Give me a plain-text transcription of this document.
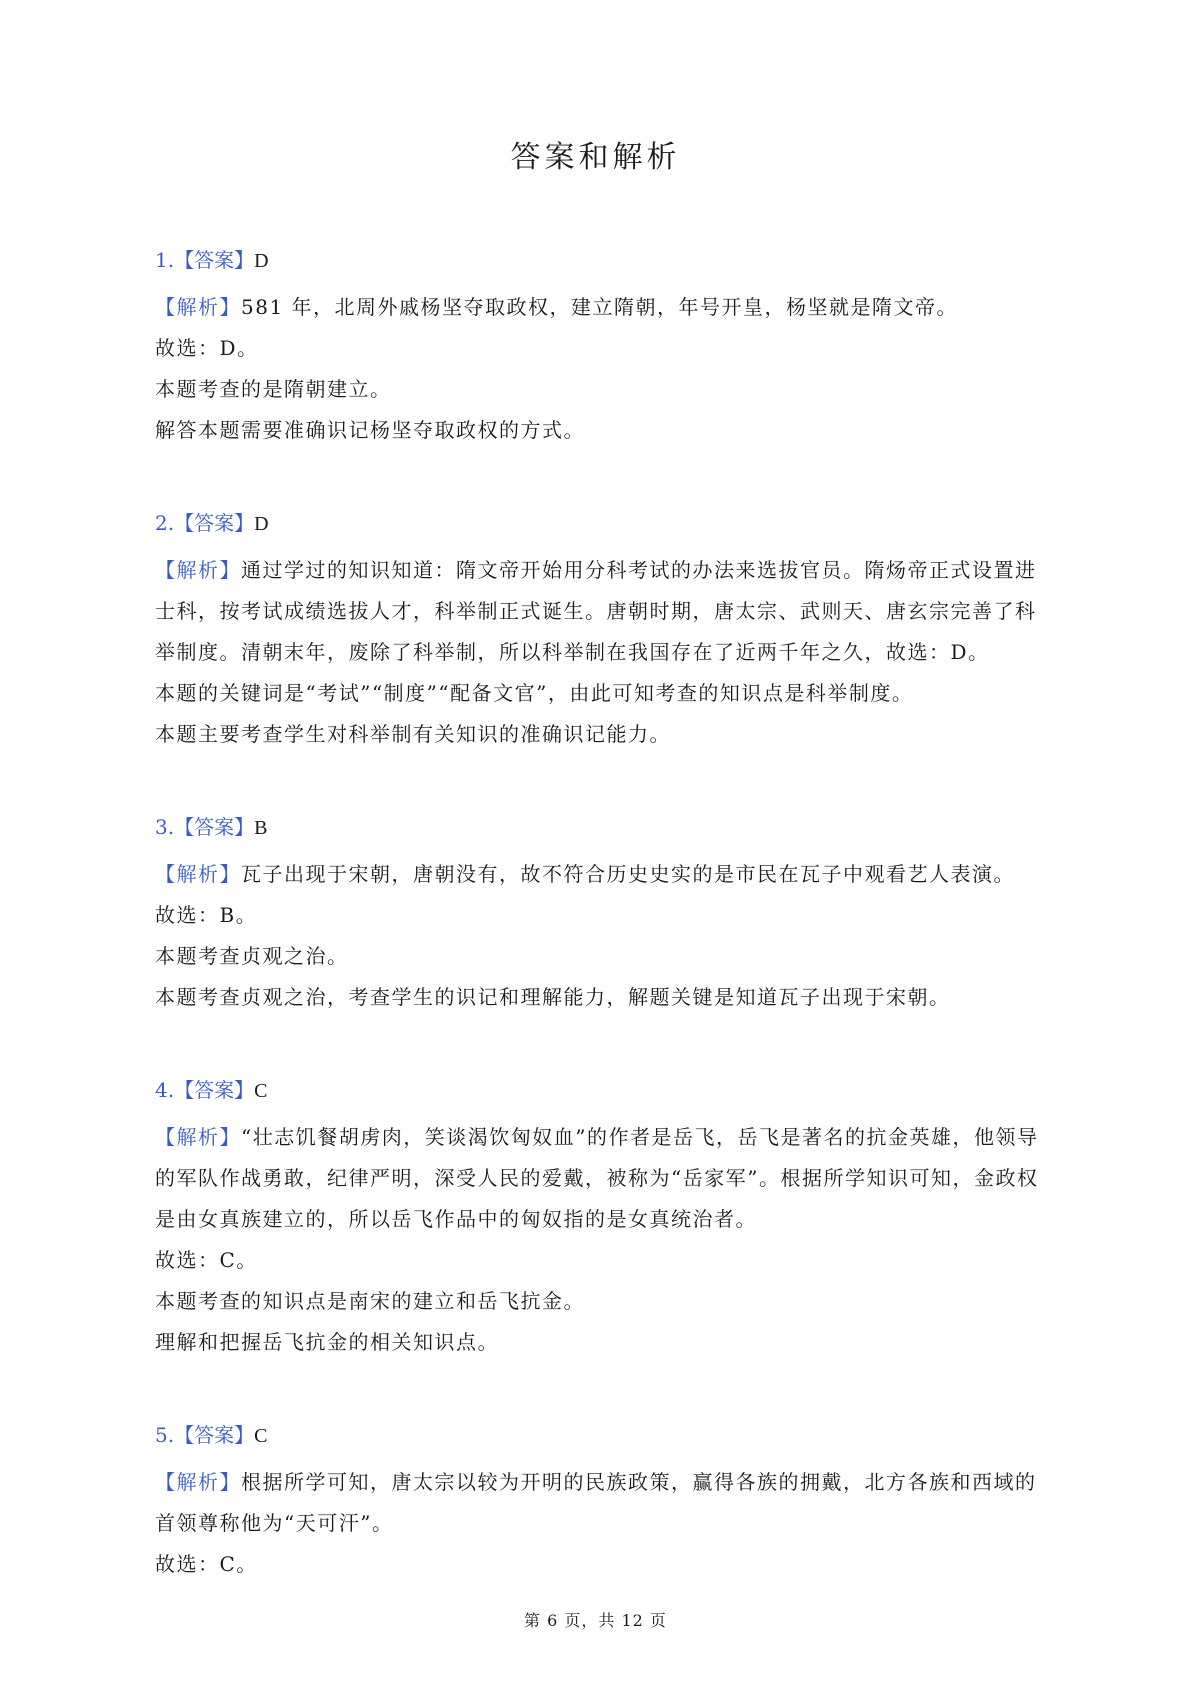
答案和解析
1.【答案】D

【解析】581 年，北周外戚杨坚夺取政权，建立隋朝，年号开皇，杨坚就是隋文帝。

故选：D。

本题考查的是隋朝建立。

解答本题需要准确识记杨坚夺取政权的方式。

2.【答案】D

【解析】通过学过的知识知道：隋文帝开始用分科考试的办法来选拔官员。隋炀帝正式设置进士科，按考试成绩选拔人才，科举制正式诞生。唐朝时期，唐太宗、武则天、唐玄宗完善了科举制度。清朝末年，废除了科举制，所以科举制在我国存在了近两千年之久，故选：D。

本题的关键词是“考试”“制度”“配备文官”，由此可知考查的知识点是科举制度。

本题主要考查学生对科举制有关知识的准确识记能力。

3.【答案】B

【解析】瓦子出现于宋朝，唐朝没有，故不符合历史史实的是市民在瓦子中观看艺人表演。

故选：B。

本题考查贞观之治。

本题考查贞观之治，考查学生的识记和理解能力，解题关键是知道瓦子出现于宋朝。

4.【答案】C

【解析】“壮志饥餐胡虏肉，笑谈渴饮匈奴血”的作者是岳飞，岳飞是著名的抗金英雄，他领导的军队作战勇敢，纪律严明，深受人民的爱戴，被称为“岳家军”。根据所学知识可知，金政权是由女真族建立的，所以岳飞作品中的匈奴指的是女真统治者。

故选：C。

本题考查的知识点是南宋的建立和岳飞抗金。

理解和把握岳飞抗金的相关知识点。

5.【答案】C

【解析】根据所学可知，唐太宗以较为开明的民族政策，赢得各族的拥戴，北方各族和西域的首领尊称他为“天可汗”。

故选：C。

第 6 页，共 12 页
